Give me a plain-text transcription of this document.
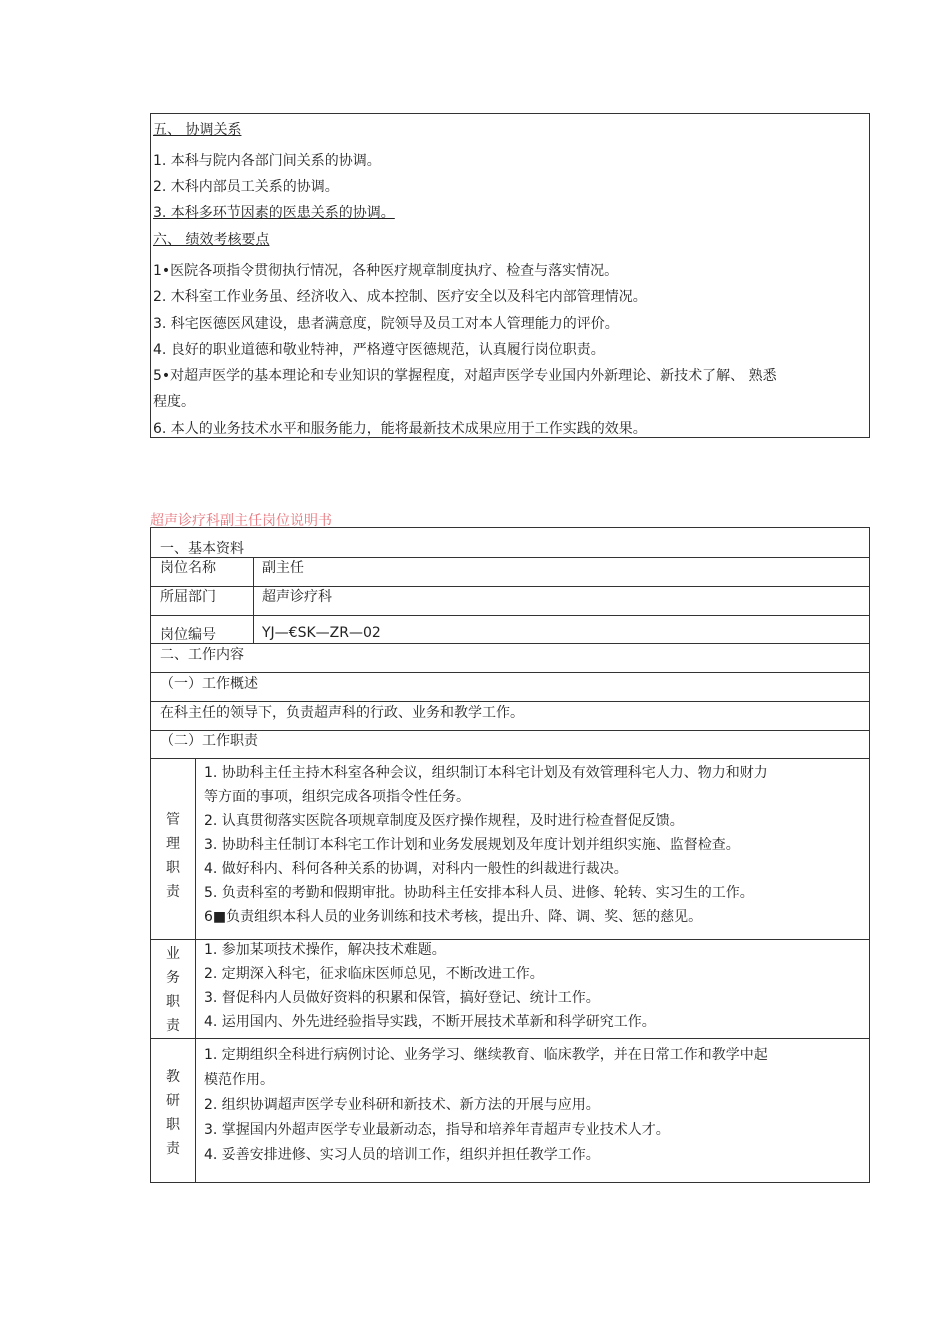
五、 协调关系
1. 本科与院内各部门间关系的协调。
2. 木科内部员工关系的协调。
3. 本科多环节因素的医患关系的协调。
六、 绩效考核要点
1•医院各项指令贯彻执行情况，各种医疗规章制度执疗、检查与落实情况。
2. 木科室工作业务虽、经济收入、成本控制、医疗安全以及科宅内部管理情况。
3. 科宅医德医风建设，患者满意度，院领导及员工对本人管理能力的评价。
4. 良好的职业道德和敬业特神，严格遵守医德规范，认真履行岗位职责。
5•对超声医学的基本理论和专业知识的掌握程度，对超声医学专业国内外新理论、新技术了解、 熟悉
程度。
6. 本人的业务技术水平和服务能力，能将最新技术成果应用于工作实践的效果。
超声诊疗科副主任岗位说明书
一、基本资料
岗位名称	副主任
所屈部门	超声诊疗科
岗位编号	YJ—€SK—ZR—02
二、工作内容
（一）工作概述
在科主任的领导下，负责超声科的行政、业务和教学工作。
（二）工作职责
管
理
职
责
1. 协助科主任主持木科室各种会议，组织制订本科宅计划及有效管理科宅人力、物力和财力
等方面的事项，组织完成各项指令性任务。
2. 认真贯彻落实医院各项规章制度及医疗操作规程，及时进行检查督促反馈。
3. 协助科主任制订本科宅工作计划和业务发展规划及年度计划并组织实施、监督检查。
4. 做好科内、科何各种关系的协调，对科内一般性的纠裁进行裁决。
5. 负责科室的考勤和假期审批。协助科主任安排本科人员、进修、轮转、实习生的工作。
6■负责组织本科人员的业务训练和技术考核，提出升、降、调、奖、惩的慈见。
业
务
职
责
1. 参加某项技术操作，解决技术难题。
2. 定期深入科宅，征求临床医师总见，不断改进工作。
3. 督促科内人员做好资料的积累和保管，搞好登记、统计工作。
4. 运用国内、外先进经验指导实践，不断开展技术革新和科学研究工作。
教
研
职
责
1. 定期组织全科进行病例讨论、业务学习、继续教育、临床教学，并在日常工作和教学中起
模范作用。
2. 组织协调超声医学专业科研和新技术、新方法的开展与应用。
3. 掌握国内外超声医学专业最新动态，指导和培养年青超声专业技术人才。
4. 妥善安排进修、实习人员的培训工作，组织并担任教学工作。
